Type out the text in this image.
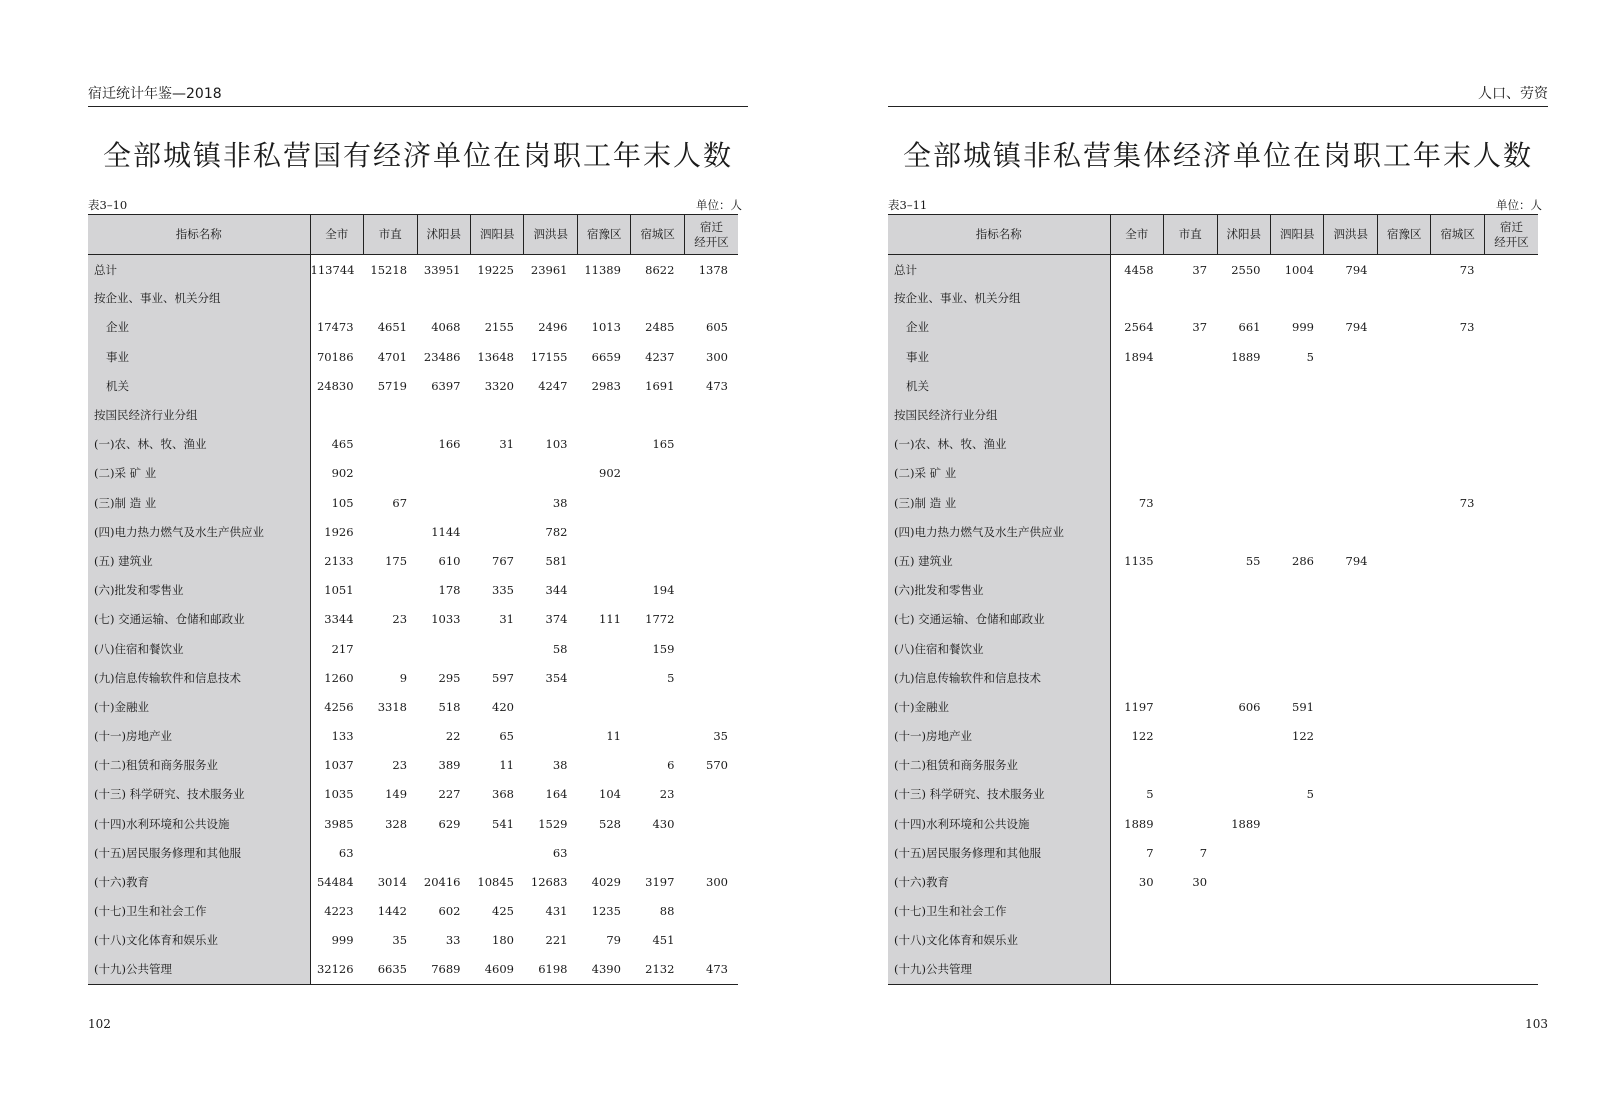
宿迁统计年鉴—2018
全部城镇非私营国有经济单位在岗职工年末人数
表3–10	单位：人
指标名称	全市	市直	沭阳县	泗阳县	泗洪县	宿豫区	宿城区	宿迁
经开区
总计	113744	15218	33951	19225	23961	11389	8622	1378
按企业、事业、机关分组								
企业	17473	4651	4068	2155	2496	1013	2485	605
事业	70186	4701	23486	13648	17155	6659	4237	300
机关	24830	5719	6397	3320	4247	2983	1691	473
按国民经济行业分组								
(一)农、林、牧、渔业	465		166	31	103		165	
(二)采 矿 业	902					902		
(三)制 造 业	105	67			38			
(四)电力热力燃气及水生产供应业	1926		1144		782			
(五) 建筑业	2133	175	610	767	581			
(六)批发和零售业	1051		178	335	344		194	
(七) 交通运输、仓储和邮政业	3344	23	1033	31	374	111	1772	
(八)住宿和餐饮业	217				58		159	
(九)信息传输软件和信息技术	1260	9	295	597	354		5	
(十)金融业	4256	3318	518	420				
(十一)房地产业	133		22	65		11		35
(十二)租赁和商务服务业	1037	23	389	11	38		6	570
(十三) 科学研究、技术服务业	1035	149	227	368	164	104	23	
(十四)水利环境和公共设施	3985	328	629	541	1529	528	430	
(十五)居民服务修理和其他服	63				63			
(十六)教育	54484	3014	20416	10845	12683	4029	3197	300
(十七)卫生和社会工作	4223	1442	602	425	431	1235	88	
(十八)文化体育和娱乐业	999	35	33	180	221	79	451	
(十九)公共管理	32126	6635	7689	4609	6198	4390	2132	473
102
人口、劳资
全部城镇非私营集体经济单位在岗职工年末人数
表3–11	单位：人
指标名称	全市	市直	沭阳县	泗阳县	泗洪县	宿豫区	宿城区	宿迁
经开区
总计	4458	37	2550	1004	794		73	
按企业、事业、机关分组								
企业	2564	37	661	999	794		73	
事业	1894		1889	5				
机关								
按国民经济行业分组								
(一)农、林、牧、渔业								
(二)采 矿 业								
(三)制 造 业	73						73	
(四)电力热力燃气及水生产供应业								
(五) 建筑业	1135		55	286	794			
(六)批发和零售业								
(七) 交通运输、仓储和邮政业								
(八)住宿和餐饮业								
(九)信息传输软件和信息技术								
(十)金融业	1197		606	591				
(十一)房地产业	122			122				
(十二)租赁和商务服务业								
(十三) 科学研究、技术服务业	5			5				
(十四)水利环境和公共设施	1889		1889					
(十五)居民服务修理和其他服	7	7						
(十六)教育	30	30						
(十七)卫生和社会工作								
(十八)文化体育和娱乐业								
(十九)公共管理								
103
